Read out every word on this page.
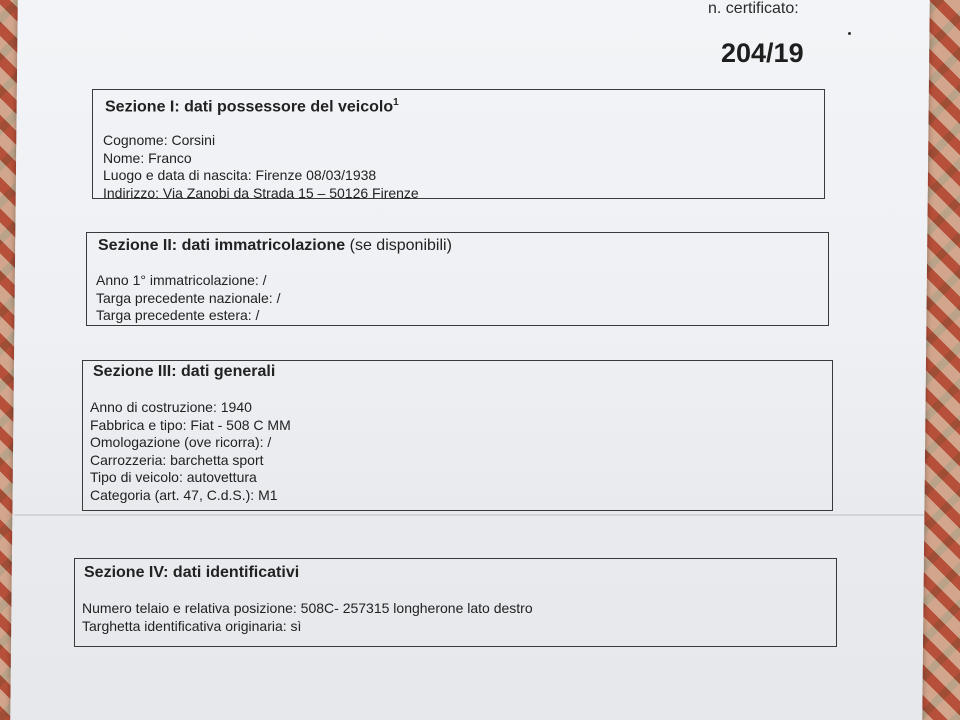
n. certificato:
204/19
Sezione I: dati possessore del veicolo$^1$
Cognome: Corsini
Nome: Franco
Luogo e data di nascita: Firenze 08/03/1938
Indirizzo: Via Zanobi da Strada 15 – 50126 Firenze
Sezione II: dati immatricolazione (se disponibili)
Anno 1° immatricolazione: /
Targa precedente nazionale: /
Targa precedente estera: /
Sezione III: dati generali
Anno di costruzione: 1940
Fabbrica e tipo: Fiat - 508 C MM
Omologazione (ove ricorra): /
Carrozzeria: barchetta sport
Tipo di veicolo: autovettura
Categoria (art. 47, C.d.S.): M1
Sezione IV: dati identificativi
Numero telaio e relativa posizione: 508C- 257315 longherone lato destro
Targhetta identificativa originaria: sì
